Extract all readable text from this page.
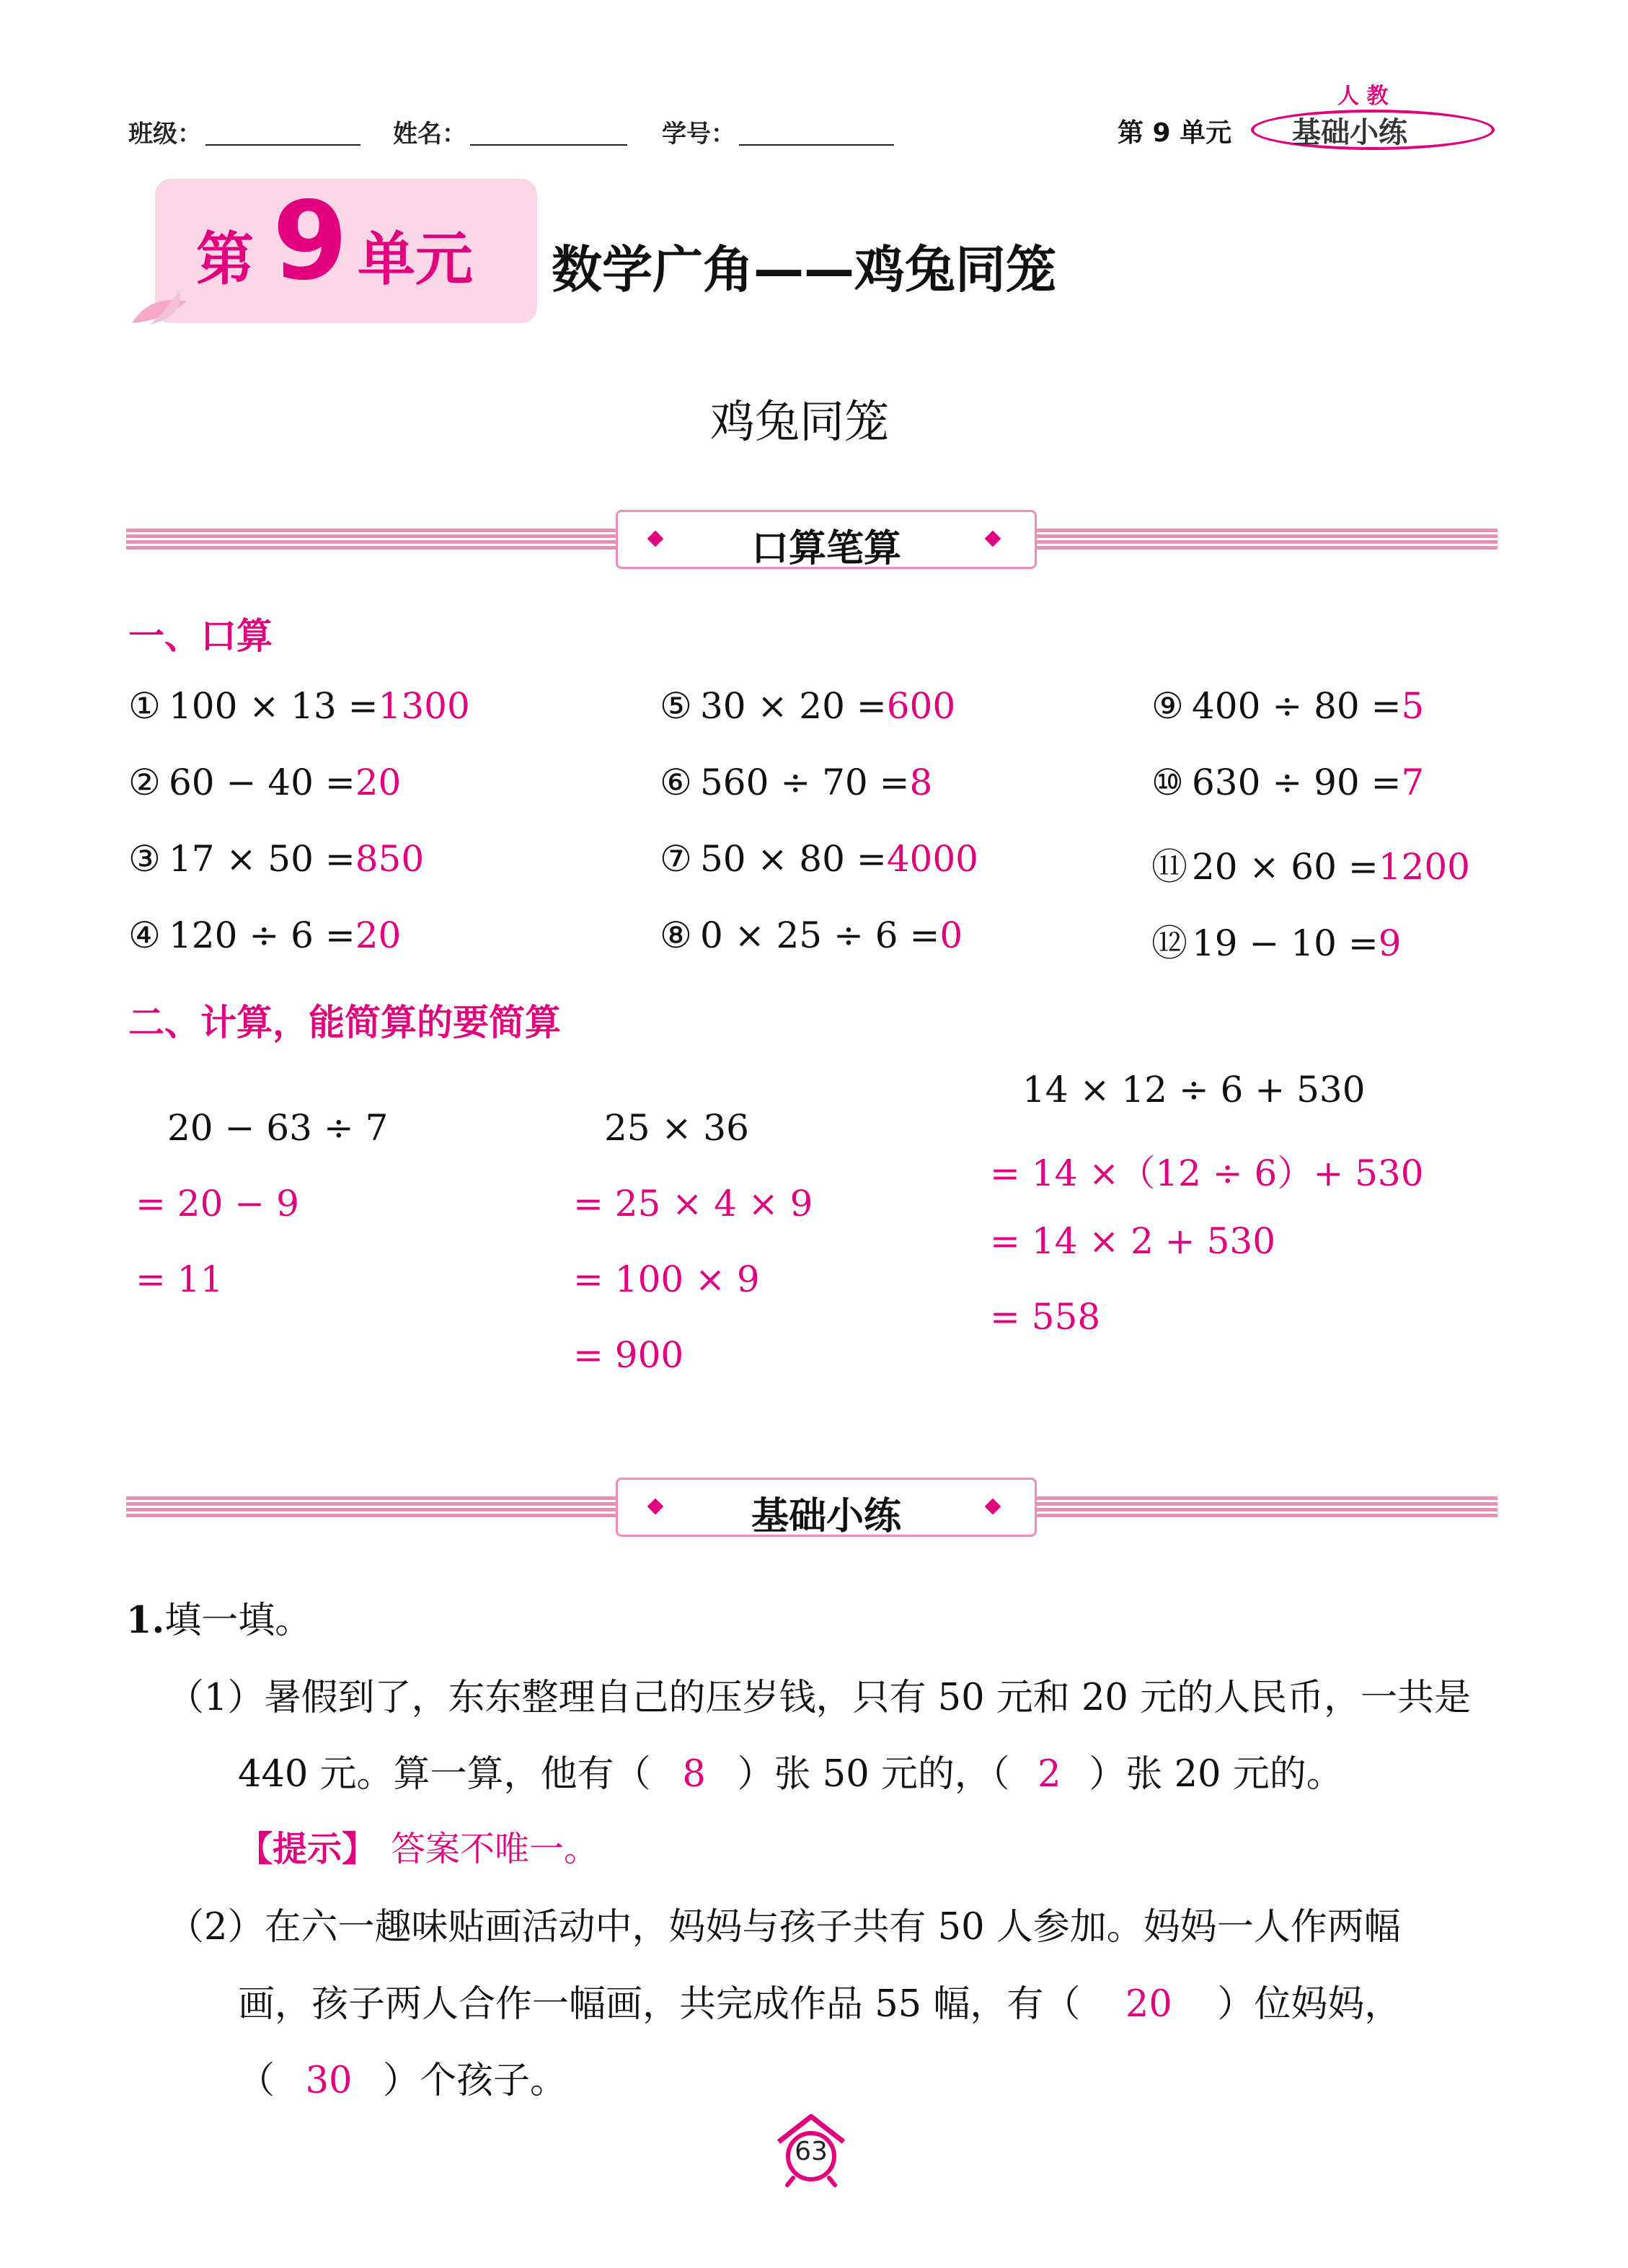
班级：	姓名：	学号：	第 9 单元
人 教
基础小练
第 9 单元 数学广角——鸡兔同笼
鸡兔同笼
口算笔算
一、口算
① 100 × 13 =1300
② 60 − 40 =20
③ 17 × 50 =850
④ 120 ÷ 6 =20
⑤ 30 × 20 =600
⑥ 560 ÷ 70 =8
⑦ 50 × 80 =4000
⑧ 0 × 25 ÷ 6 =0
⑨ 400 ÷ 80 =5
⑩ 630 ÷ 90 =7
⑪ 20 × 60 =1200
⑫ 19 − 10 =9
二、计算，能简算的要简算
20 − 63 ÷ 7
= 20 − 9
= 11
25 × 36
= 25 × 4 × 9
= 100 × 9
= 900
14 × 12 ÷ 6 + 530
= 14 ×（12 ÷ 6）+ 530
= 14 × 2 + 530
= 558
基础小练
1.填一填。
（1）暑假到了，东东整理自己的压岁钱，只有 50 元和 20 元的人民币，一共是
440 元。算一算，他有（ 8 ）张 50 元的，（ 2 ）张 20 元的。
【提示】 答案不唯一。
（2）在六一趣味贴画活动中，妈妈与孩子共有 50 人参加。妈妈一人作两幅
画，孩子两人合作一幅画，共完成作品 55 幅，有（ 20 ）位妈妈，
（ 30 ）个孩子。
63
